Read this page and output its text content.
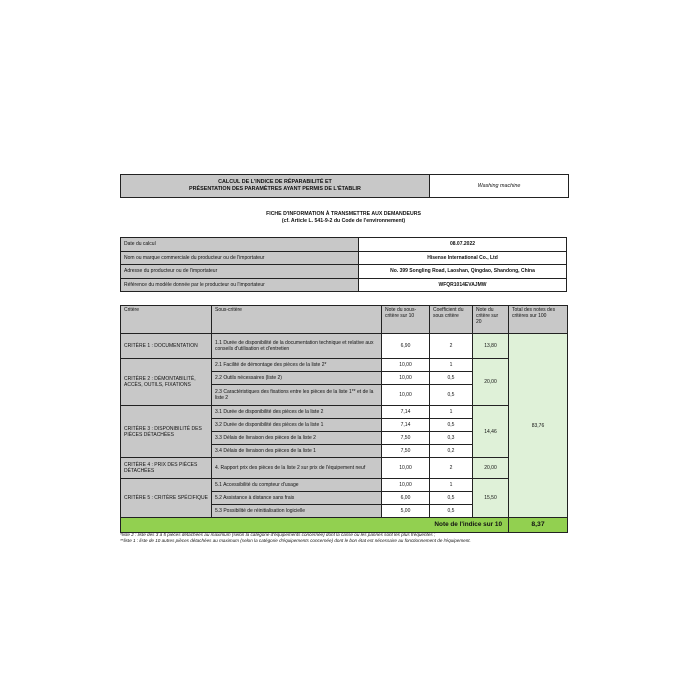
CALCUL DE L'INDICE DE RÉPARABILITÉ ET
PRÉSENTATION DES PARAMÈTRES AYANT PERMIS DE L'ÉTABLIR	Washing machine
FICHE D'INFORMATION À TRANSMETTRE AUX DEMANDEURS
(cf. Article L. 541-9-2 du Code de l'environnement)
Date du calcul	08.07.2022
Nom ou marque commerciale du producteur ou de l'importateur	Hisense International Co., Ltd
Adresse du producteur ou de l'importateur	No. 399 Songling Road, Laoshan, Qingdao, Shandong, China
Référence du modèle donnée par le producteur ou l'importateur	WFQR1014EVAJMW
Critère	Sous-critère	Note du sous-critère sur 10	Coefficient du sous critère	Note du critère sur 20	Total des notes des critères sur 100
CRITÈRE 1 : DOCUMENTATION	1.1 Durée de disponibilité de la documentation technique et relative aux conseils d'utilisation et d'entretien	6,90	2	13,80	83,76
CRITÈRE 2 : DÉMONTABILITÉ, ACCÈS, OUTILS, FIXATIONS	2.1 Facilité de démontage des pièces de la liste 2*	10,00	1	20,00	
	2.2 Outils nécessaires (liste 2)	10,00	0,5		
	2.3 Caractéristiques des fixations entre les pièces de la liste 1** et de la liste 2	10,00	0,5		
CRITÈRE 3 : DISPONIBILITÉ DES PIÈCES DÉTACHÉES	3.1 Durée de disponibilité des pièces de la liste 2	7,14	1	14,46	
	3.2 Durée de disponibilité des pièces de la liste 1	7,14	0,5		
	3.3 Délais de livraison des pièces de la liste 2	7,50	0,3		
	3.4 Délais de livraison des pièces de la liste 1	7,50	0,2		
CRITÈRE 4 : PRIX DES PIÈCES DÉTACHÉES	4. Rapport prix des pièces de la liste 2 sur prix de l'équipement neuf	10,00	2	20,00	
CRITÈRE 5 : CRITÈRE SPÉCIFIQUE	5.1 Accessibilité du compteur d'usage	10,00	1	15,50	
	5.2 Assistance à distance sans frais	6,00	0,5		
	5.3 Possibilité de réinitialisation logicielle	5,00	0,5		
Note de l'indice sur 10					8,37
*liste 2 : liste des 3 à 5 pièces détachées au maximum (selon la catégorie d'équipements concernée) dont la casse ou les pannes sont les plus fréquentes ;
**liste 1 : liste de 10 autres pièces détachées au maximum (selon la catégorie d'équipements concernée) dont le bon état est nécessaire au fonctionnement de l'équipement.
